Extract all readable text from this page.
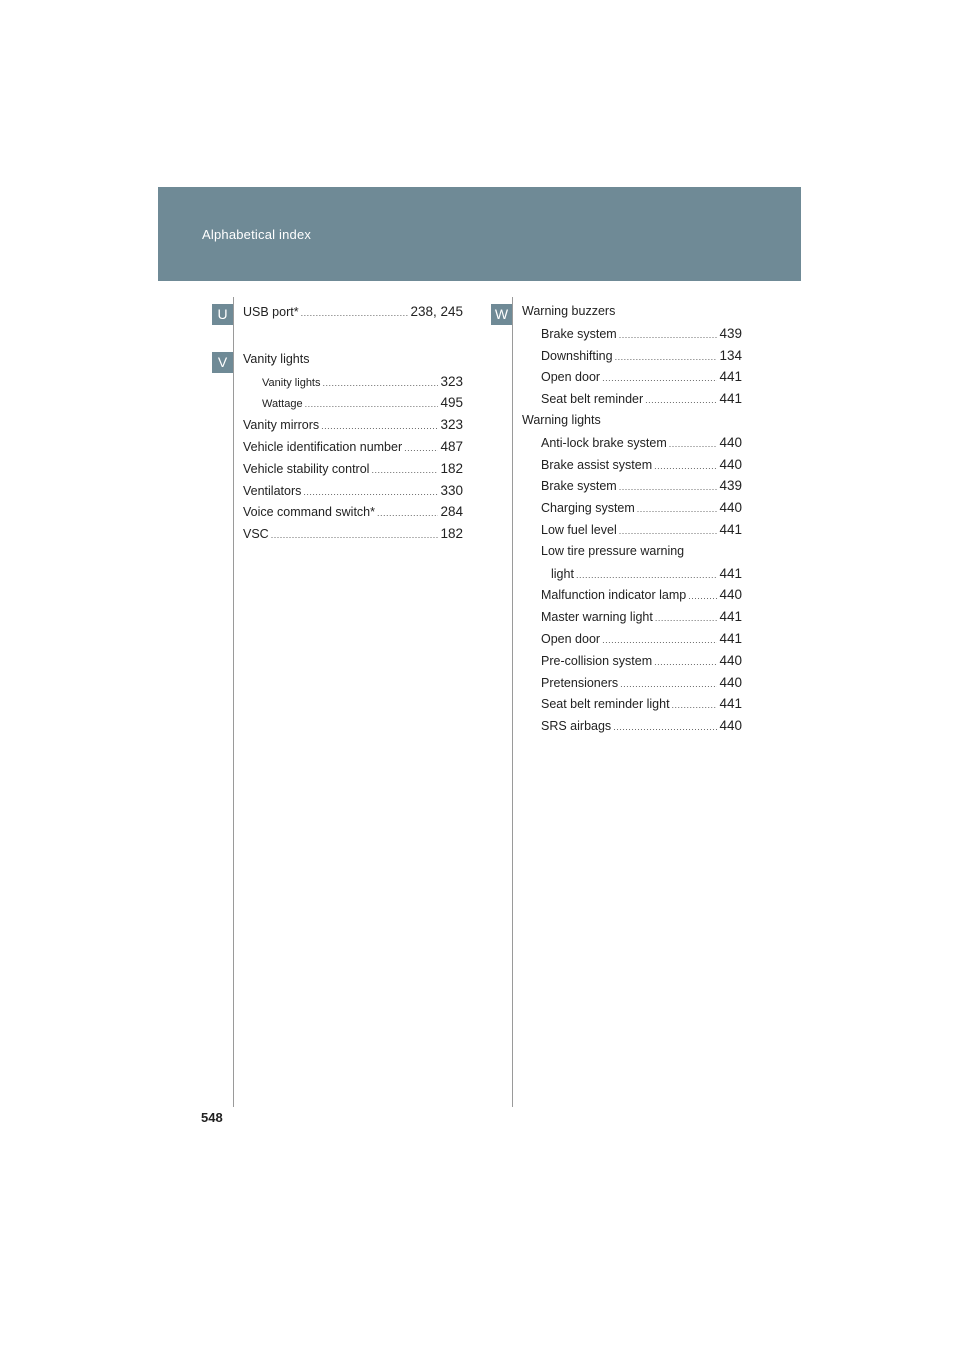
Alphabetical index
U
V
W
USB port* .....	238, 245
Vanity lights
Vanity lights .....	323
Wattage .....	495
Vanity mirrors .....	323
Vehicle identification number .....	487
Vehicle stability control .....	182
Ventilators .....	330
Voice command switch* .....	284
VSC .....	182
Warning buzzers
Brake system .....	439
Downshifting .....	134
Open door .....	441
Seat belt reminder .....	441
Warning lights
Anti-lock brake system .....	440
Brake assist system .....	440
Brake system .....	439
Charging system .....	440
Low fuel level .....	441
Low tire pressure warning
light .....	441
Malfunction indicator lamp ..... 440
Master warning light .....	441
Open door .....	441
Pre-collision system .....	440
Pretensioners .....	440
Seat belt reminder light .....	441
SRS airbags .....	440
548
